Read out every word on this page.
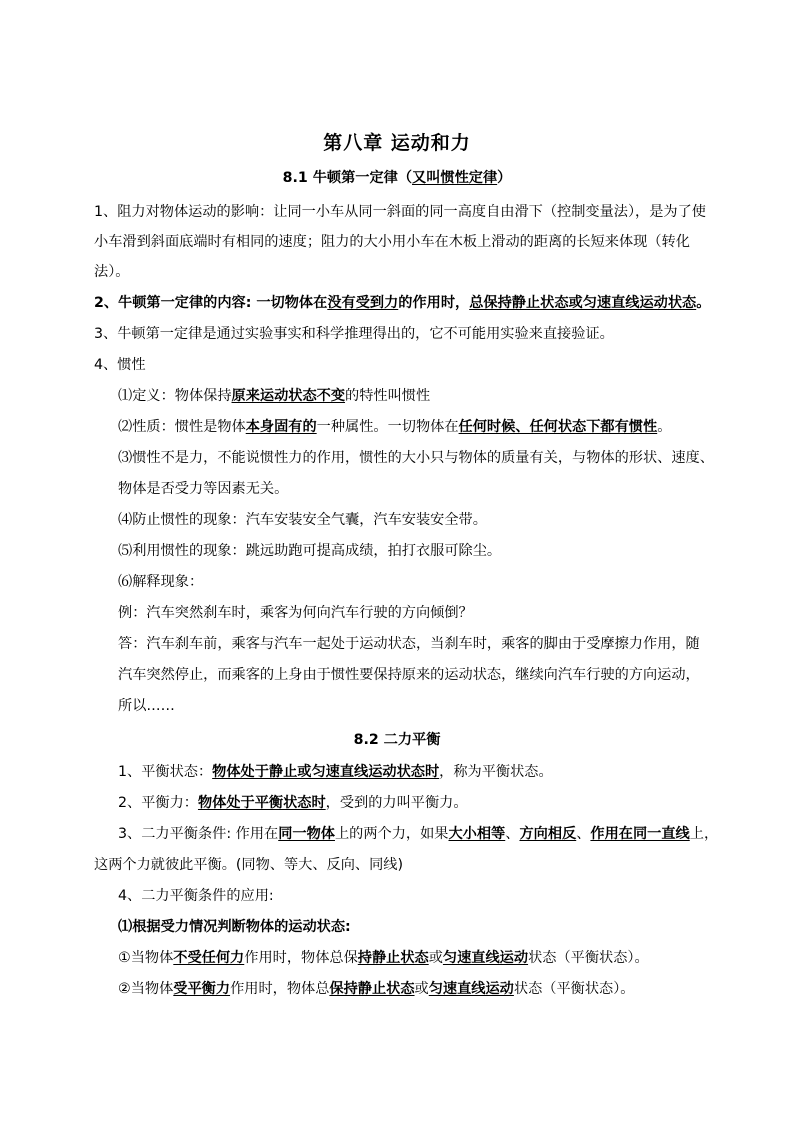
第八章 运动和力
8.1 牛顿第一定律（又叫惯性定律）
1、阻力对物体运动的影响：让同一小车从同一斜面的同一高度自由滑下（控制变量法），是为了使
小车滑到斜面底端时有相同的速度；阻力的大小用小车在木板上滑动的距离的长短来体现（转化
法）。
2、牛顿第一定律的内容: 一切物体在没有受到力的作用时，总保持静止状态或匀速直线运动状态。
3、牛顿第一定律是通过实验事实和科学推理得出的，它不可能用实验来直接验证。
4、惯性
⑴定义：物体保持原来运动状态不变的特性叫惯性
⑵性质：惯性是物体本身固有的一种属性。一切物体在任何时候、任何状态下都有惯性。
⑶惯性不是力，不能说惯性力的作用，惯性的大小只与物体的质量有关，与物体的形状、速度、
物体是否受力等因素无关。
⑷防止惯性的现象：汽车安装安全气囊，汽车安装安全带。
⑸利用惯性的现象：跳远助跑可提高成绩，拍打衣服可除尘。
⑹解释现象：
例：汽车突然刹车时，乘客为何向汽车行驶的方向倾倒？
答：汽车刹车前，乘客与汽车一起处于运动状态，当刹车时，乘客的脚由于受摩擦力作用，随
汽车突然停止，而乘客的上身由于惯性要保持原来的运动状态，继续向汽车行驶的方向运动，
所以……
8.2 二力平衡
1、平衡状态：物体处于静止或匀速直线运动状态时，称为平衡状态。
2、平衡力：物体处于平衡状态时，受到的力叫平衡力。
3、二力平衡条件: 作用在同一物体上的两个力，如果大小相等、方向相反、作用在同一直线上，
这两个力就彼此平衡。(同物、等大、反向、同线)
4、二力平衡条件的应用:
⑴根据受力情况判断物体的运动状态:
①当物体不受任何力作用时，物体总保持静止状态或匀速直线运动状态（平衡状态）。
②当物体受平衡力作用时，物体总保持静止状态或匀速直线运动状态（平衡状态）。
